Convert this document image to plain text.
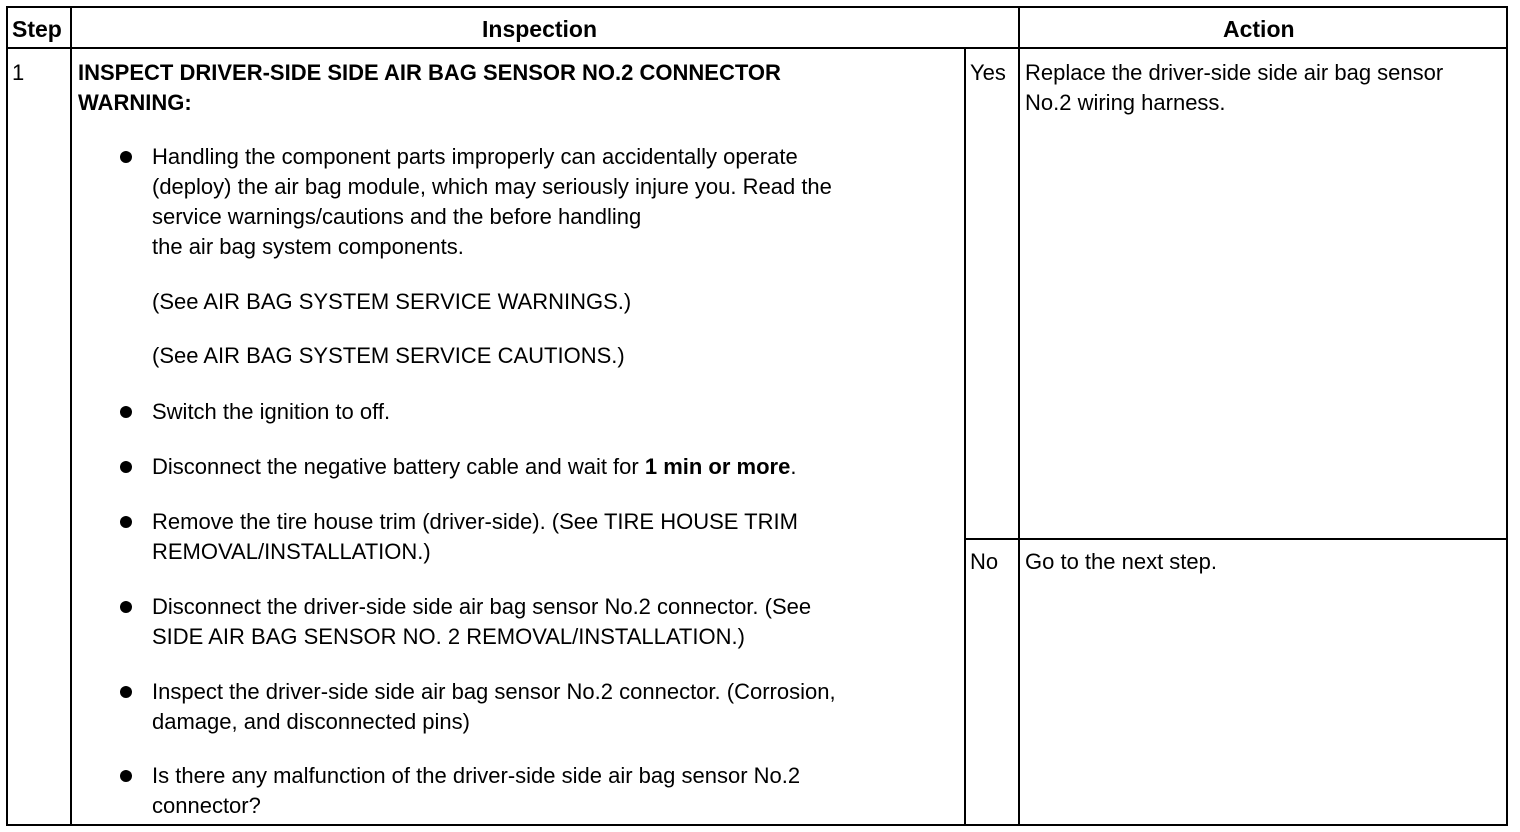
Step	Inspection	Action
1 INSPECT DRIVER-SIDE SIDE AIR BAG SENSOR NO.2 CONNECTOR
WARNING:
Handling the component parts improperly can accidentally operate
(deploy) the air bag module, which may seriously injure you. Read the
service warnings/cautions and the before handling
the air bag system components.
(See AIR BAG SYSTEM SERVICE WARNINGS.)
(See AIR BAG SYSTEM SERVICE CAUTIONS.)
Switch the ignition to off.
Disconnect the negative battery cable and wait for 1 min or more.
Remove the tire house trim (driver-side). (See TIRE HOUSE TRIM
REMOVAL/INSTALLATION.)
Disconnect the driver-side side air bag sensor No.2 connector. (See
SIDE AIR BAG SENSOR NO. 2 REMOVAL/INSTALLATION.)
Inspect the driver-side side air bag sensor No.2 connector. (Corrosion,
damage, and disconnected pins)
Is there any malfunction of the driver-side side air bag sensor No.2
connector?
Yes Replace the driver-side side air bag sensor
No.2 wiring harness.
No Go to the next step.
